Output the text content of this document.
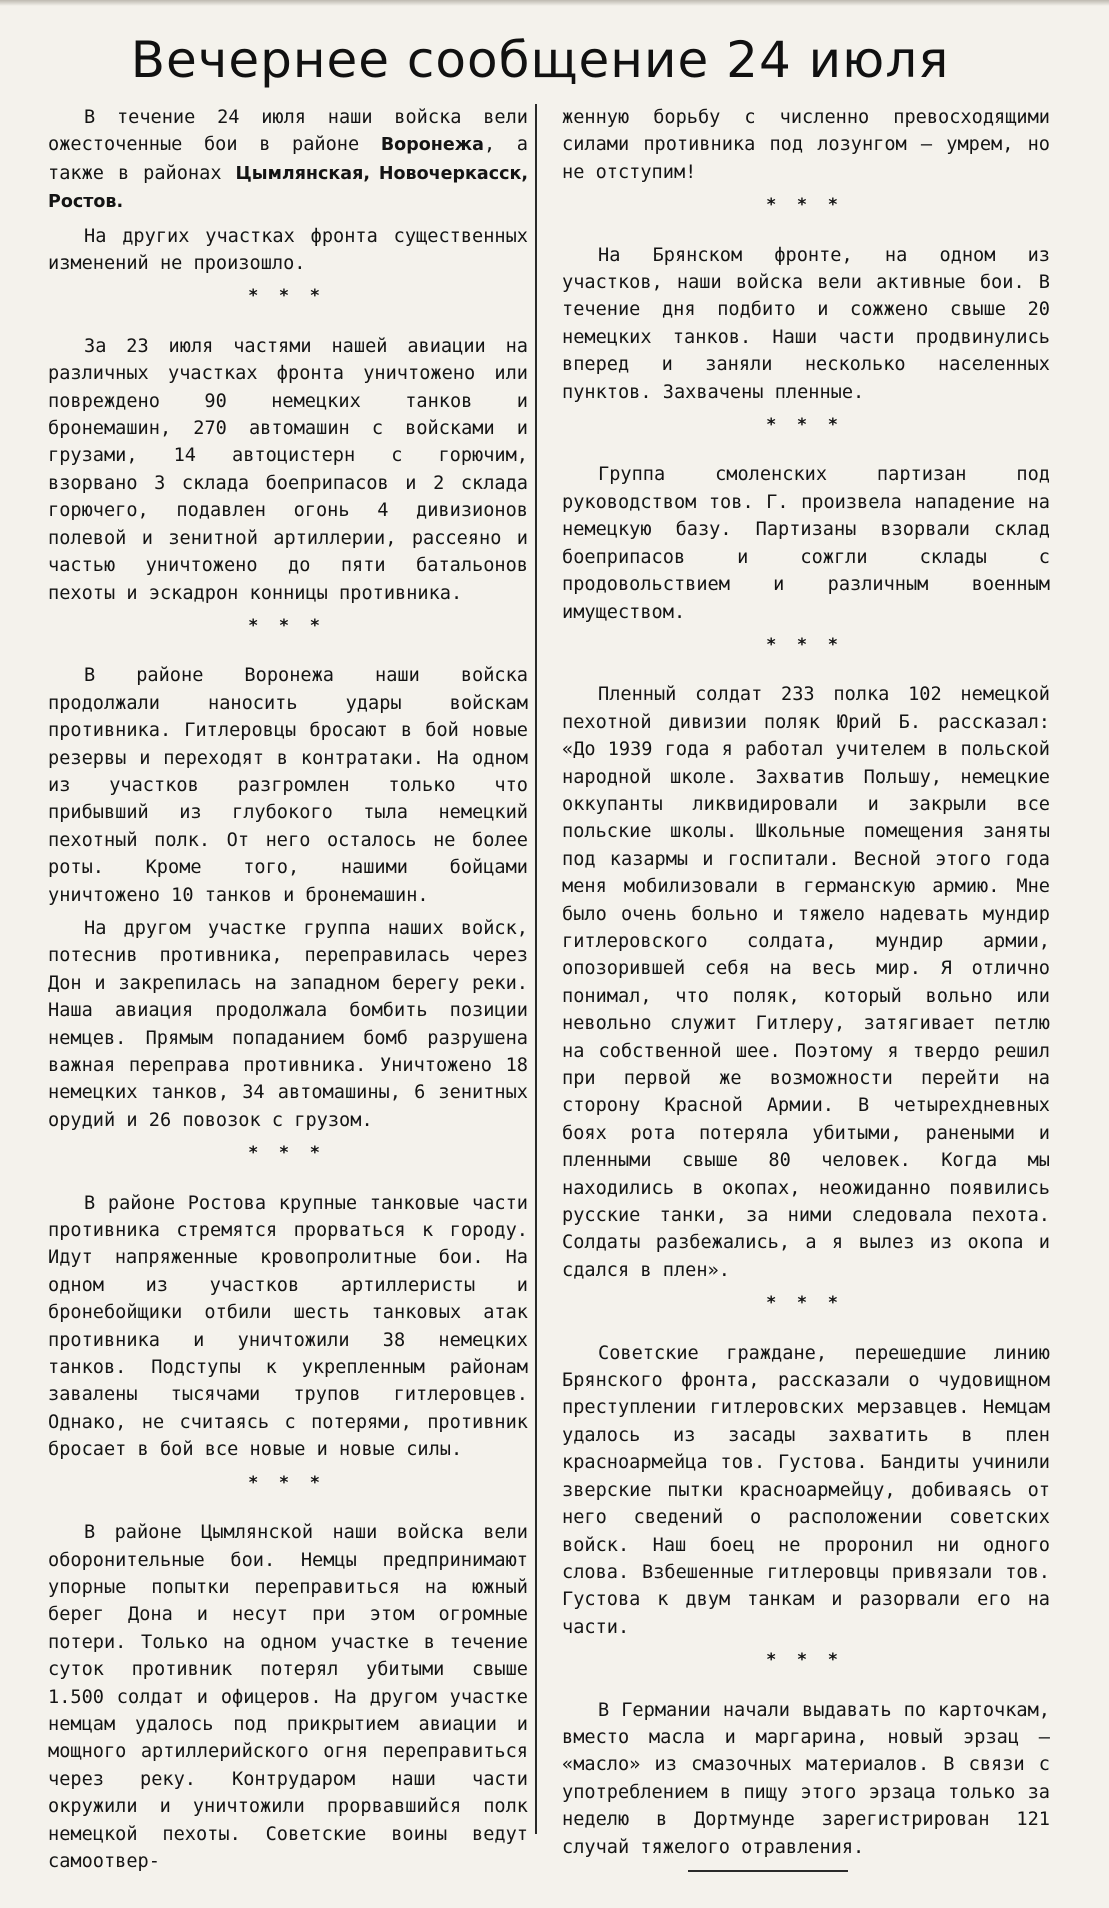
Вечернее сообщение 24 июля

В течение 24 июля наши войска вели ожесточенные бои в районе Воронежа, а также в районах Цымлянская, Новочеркасск, Ростов.

На других участках фронта существенных изменений не произошло.

* * *

За 23 июля частями нашей авиации на различных участках фронта уничтожено или повреждено 90 немецких танков и бронемашин, 270 автомашин с войсками и грузами, 14 автоцистерн с горючим, взорвано 3 склада боеприпасов и 2 склада горючего, подавлен огонь 4 дивизионов полевой и зенитной артиллерии, рассеяно и частью уничтожено до пяти батальонов пехоты и эскадрон конницы противника.

* * *

В районе Воронежа наши войска продолжали наносить удары войскам противника. Гитлеровцы бросают в бой новые резервы и переходят в контратаки. На одном из участков разгромлен только что прибывший из глубокого тыла немецкий пехотный полк. От него осталось не более роты. Кроме того, нашими бойцами уничтожено 10 танков и бронемашин.

На другом участке группа наших войск, потеснив противника, переправилась через Дон и закрепилась на западном берегу реки. Наша авиация продолжала бомбить позиции немцев. Прямым попаданием бомб разрушена важная переправа противника. Уничтожено 18 немецких танков, 34 автомашины, 6 зенитных орудий и 26 повозок с грузом.

* * *

В районе Ростова крупные танковые части противника стремятся прорваться к городу. Идут напряженные кровопролитные бои. На одном из участков артиллеристы и бронебойщики отбили шесть танковых атак противника и уничтожили 38 немецких танков. Подступы к укрепленным районам завалены тысячами трупов гитлеровцев. Однако, не считаясь с потерями, противник бросает в бой все новые и новые силы.

* * *

В районе Цымлянской наши войска вели оборонительные бои. Немцы предпринимают упорные попытки переправиться на южный берег Дона и несут при этом огромные потери. Только на одном участке в течение суток противник потерял убитыми свыше 1.500 солдат и офицеров. На другом участке немцам удалось под прикрытием авиации и мощного артиллерийского огня переправиться через реку. Контрударом наши части окружили и уничтожили прорвавшийся полк немецкой пехоты. Советские воины ведут самоотвер-

женную борьбу с численно превосходящими силами противника под лозунгом — умрем, но не отступим!

* * *

На Брянском фронте, на одном из участков, наши войска вели активные бои. В течение дня подбито и сожжено свыше 20 немецких танков. Наши части продвинулись вперед и заняли несколько населенных пунктов. Захвачены пленные.

* * *

Группа смоленских партизан под руководством тов. Г. произвела нападение на немецкую базу. Партизаны взорвали склад боеприпасов и сожгли склады с продовольствием и различным военным имуществом.

* * *

Пленный солдат 233 полка 102 немецкой пехотной дивизии поляк Юрий Б. рассказал: «До 1939 года я работал учителем в польской народной школе. Захватив Польшу, немецкие оккупанты ликвидировали и закрыли все польские школы. Школьные помещения заняты под казармы и госпитали. Весной этого года меня мобилизовали в германскую армию. Мне было очень больно и тяжело надевать мундир гитлеровского солдата, мундир армии, опозорившей себя на весь мир. Я отлично понимал, что поляк, который вольно или невольно служит Гитлеру, затягивает петлю на собственной шее. Поэтому я твердо решил при первой же возможности перейти на сторону Красной Армии. В четырехдневных боях рота потеряла убитыми, ранеными и пленными свыше 80 человек. Когда мы находились в окопах, неожиданно появились русские танки, за ними следовала пехота. Солдаты разбежались, а я вылез из окопа и сдался в плен».

* * *

Советские граждане, перешедшие линию Брянского фронта, рассказали о чудовищном преступлении гитлеровских мерзавцев. Немцам удалось из засады захватить в плен красноармейца тов. Густова. Бандиты учинили зверские пытки красноармейцу, добиваясь от него сведений о расположении советских войск. Наш боец не проронил ни одного слова. Взбешенные гитлеровцы привязали тов. Густова к двум танкам и разорвали его на части.

* * *

В Германии начали выдавать по карточкам, вместо масла и маргарина, новый эрзац — «масло» из смазочных материалов. В связи с употреблением в пищу этого эрзаца только за неделю в Дортмунде зарегистрирован 121 случай тяжелого отравления.
